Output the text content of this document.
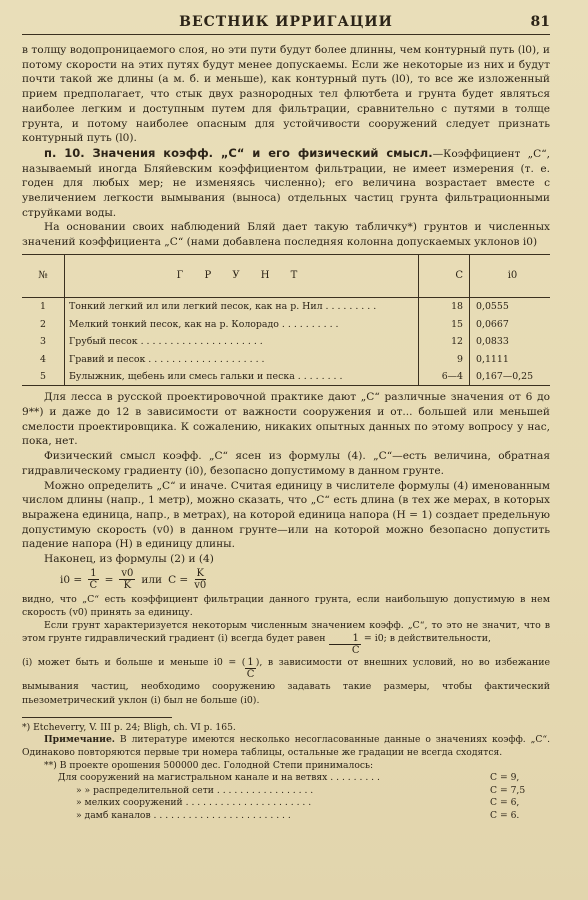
ВЕСТНИК ИРРИГАЦИИ	81

в толщу водопроницаемого слоя, но эти пути будут более длинны, чем контурный путь (l0), и потому скорости на этих путях будут менее допускаемы. Если же некоторые из них и будут почти такой же длины (а м. б. и меньше), как контурный путь (l0), то все же изложенный прием предполагает, что стык двух разнородных тел флютбета и грунта будет являться наиболее легким и доступным путем для фильтрации, сравнительно с путями в толще грунта, и потому наиболее опасным для устойчивости сооружений следует признать контурный путь (l0).

п. 10. Значения коэфф. „С“ и его физический смысл.—Коэффициент „С“, называемый иногда Бляйевским коэффициентом фильтрации, не имеет измерения (т. е. годен для любых мер; не изменяясь численно); его величина возрастает вместе с увеличением легкости вымывания (выноса) отдельных частиц грунта фильтрационными струйками воды.

На основании своих наблюдений Бляй дает такую табличку*) грунтов и численных значений коэффициента „С“ (нами добавлена последняя колонна допускаемых уклонов i0)

№	Г Р У Н Т	C	i0
1	Тонкий легкий ил или легкий песок, как на р. Нил . . . . . . . . .	18	0,0555
2	Мелкий тонкий песок, как на р. Колорадо . . . . . . . . . .	15	0,0667
3	Грубый песок . . . . . . . . . . . . . . . . . . . . .	12	0,0833
4	Гравий и песок . . . . . . . . . . . . . . . . . . . .	9	0,1111
5	Булыжник, щебень или смесь гальки и песка . . . . . . . .	6—4	0,167—0,25

Для лесса в русской проектировочной практике дают „С“ различные значения от 6 до 9**) и даже до 12 в зависимости от важности сооружения и от... большей или меньшей смелости проектировщика. К сожалению, никаких опытных данных по этому вопросу у нас, пока, нет.

Физический смысл коэфф. „С“ ясен из формулы (4). „С“—есть величина, обратная гидравлическому градиенту (i0), безопасно допустимому в данном грунте.

Можно определить „С“ и иначе. Считая единицу в числителе формулы (4) именованным числом длины (напр., 1 метр), можно сказать, что „С“ есть длина (в тех же мерах, в которых выражена единица, напр., в метрах), на которой единица напора (H = 1) создает предельную допустимую скорость (v0) в данном грунте—или на которой можно безопасно допустить падение напора (H) в единицу длины.

Наконец, из формулы (2) и (4)

$i0 = \frac{1}{C} = \frac{v0}{K}$ или $C = \frac{K}{v0}$

видно, что „С“ есть коэффициент фильтрации данного грунта, если наибольшую допустимую в нем скорость (v0) принять за единицу.

Если грунт характеризуется некоторым численным значением коэфф. „С“, то это не значит, что в этом грунте гидравлический градиент (i) всегда будет равен $\frac{1}{C} = i0$; в действительности,

(i) может быть и больше и меньше i0 = ( $\frac{1}{C}$ ), в зависимости от внешних условий, но во избежание вымывания частиц, необходимо сооружению задавать такие размеры, чтобы фактический пьезометрический уклон (i) был не больше (i0).

*) Etcheverry, V. III p. 24; Bligh, ch. VI p. 165.

Примечание. В литературе имеются несколько несогласованные данные о значениях коэфф. „С“. Одинаково повторяются первые три номера таблицы, остальные же градации не всегда сходятся.

**) В проекте орошения 500000 дес. Голодной Степи принималось:

Для сооружений на магистральном канале и на ветвях . . . . . . . . .	С = 9,
» » распределительной сети . . . . . . . . . . . . . . . . .	С = 7,5
» мелких сооружений . . . . . . . . . . . . . . . . . . . . . .	С = 6,
» дамб каналов . . . . . . . . . . . . . . . . . . . . . . . .	С = 6.
